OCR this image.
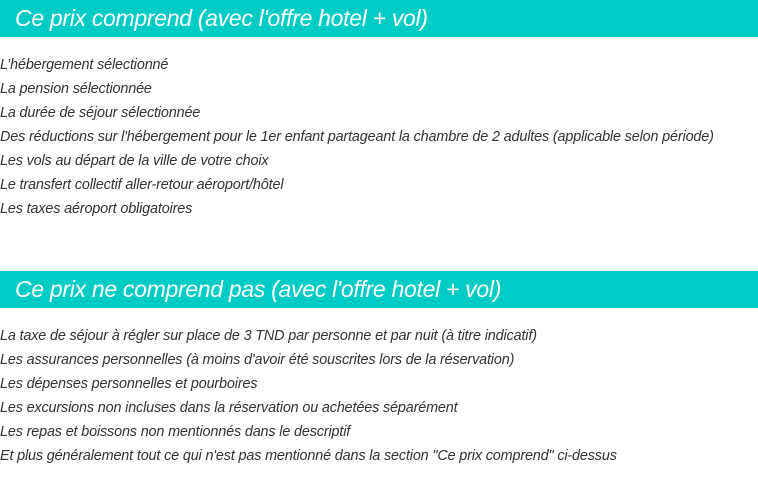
Ce prix comprend (avec l'offre hotel + vol)
L’hébergement sélectionné
La pension sélectionnée
La durée de séjour sélectionnée
Des réductions sur l'hébergement pour le 1er enfant partageant la chambre de 2 adultes (applicable selon période)
Les vols au départ de la ville de votre choix
Le transfert collectif aller-retour aéroport/hôtel
Les taxes aéroport obligatoires
Ce prix ne comprend pas (avec l'offre hotel + vol)
La taxe de séjour à régler sur place de 3 TND par personne et par nuit (à titre indicatif)
Les assurances personnelles (à moins d'avoir été souscrites lors de la réservation)
Les dépenses personnelles et pourboires
Les excursions non incluses dans la réservation ou achetées séparément
Les repas et boissons non mentionnés dans le descriptif
Et plus généralement tout ce qui n'est pas mentionné dans la section "Ce prix comprend" ci-dessus
